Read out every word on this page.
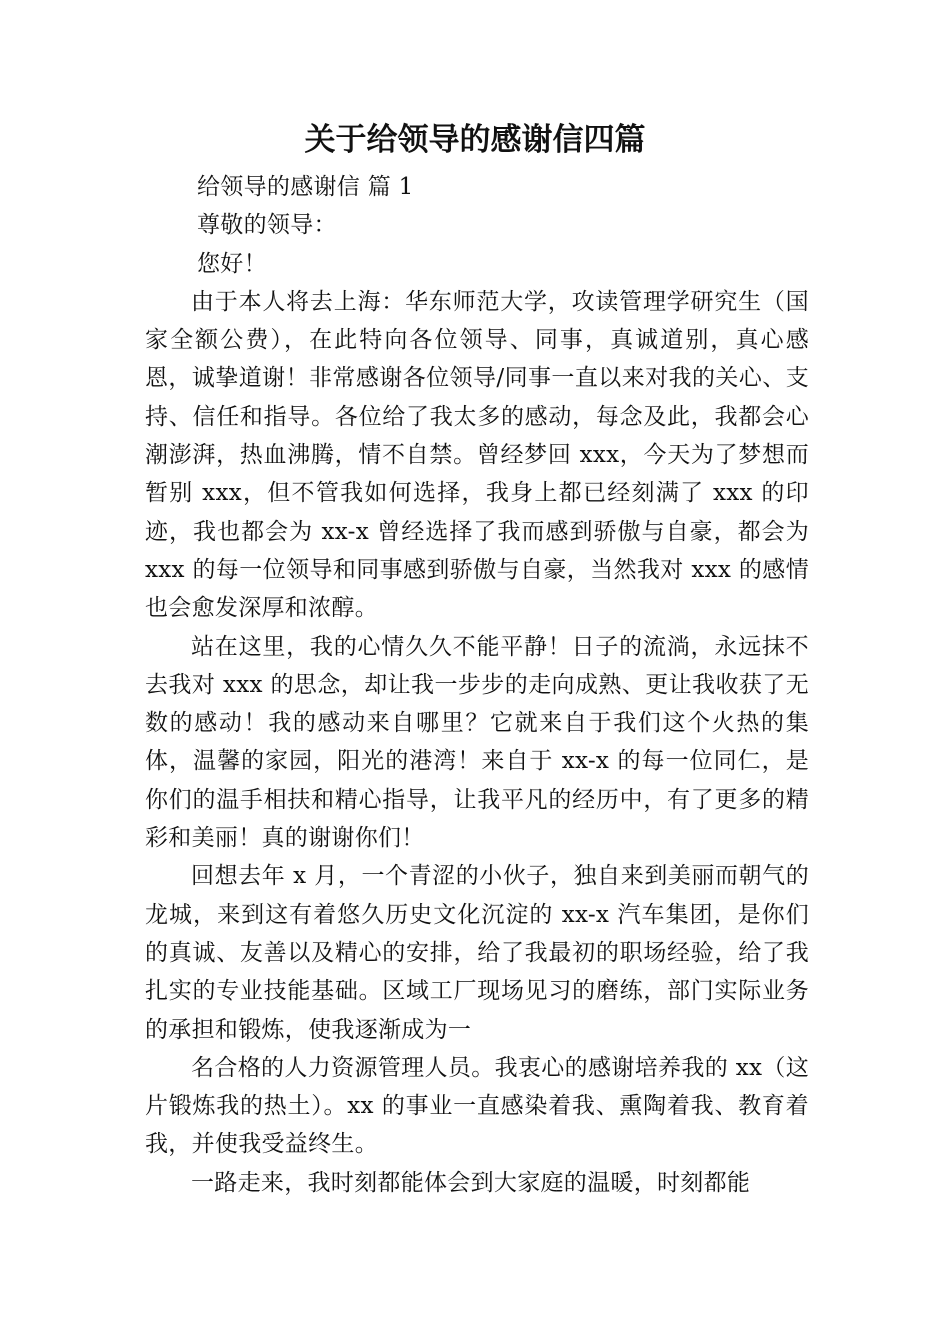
关于给领导的感谢信四篇

给领导的感谢信 篇 1

尊敬的领导：

您好！

由于本人将去上海：华东师范大学，攻读管理学研究生（国家全额公费），在此特向各位领导、同事，真诚道别，真心感恩，诚挚道谢！非常感谢各位领导/同事一直以来对我的关心、支持、信任和指导。各位给了我太多的感动，每念及此，我都会心潮澎湃，热血沸腾，情不自禁。曾经梦回 xxx，今天为了梦想而暂别 xxx，但不管我如何选择，我身上都已经刻满了 xxx 的印迹，我也都会为 xx-x 曾经选择了我而感到骄傲与自豪，都会为 xxx 的每一位领导和同事感到骄傲与自豪，当然我对 xxx 的感情也会愈发深厚和浓醇。

站在这里，我的心情久久不能平静！日子的流淌，永远抹不去我对 xxx 的思念，却让我一步步的走向成熟、更让我收获了无数的感动！我的感动来自哪里？它就来自于我们这个火热的集体，温馨的家园，阳光的港湾！来自于 xx-x 的每一位同仁，是你们的温手相扶和精心指导，让我平凡的经历中，有了更多的精彩和美丽！真的谢谢你们！

回想去年 x 月，一个青涩的小伙子，独自来到美丽而朝气的龙城，来到这有着悠久历史文化沉淀的 xx-x 汽车集团，是你们的真诚、友善以及精心的安排，给了我最初的职场经验，给了我扎实的专业技能基础。区域工厂现场见习的磨练，部门实际业务的承担和锻炼，使我逐渐成为一

名合格的人力资源管理人员。我衷心的感谢培养我的 xx（这片锻炼我的热土）。xx 的事业一直感染着我、熏陶着我、教育着我，并使我受益终生。

一路走来，我时刻都能体会到大家庭的温暖，时刻都能
